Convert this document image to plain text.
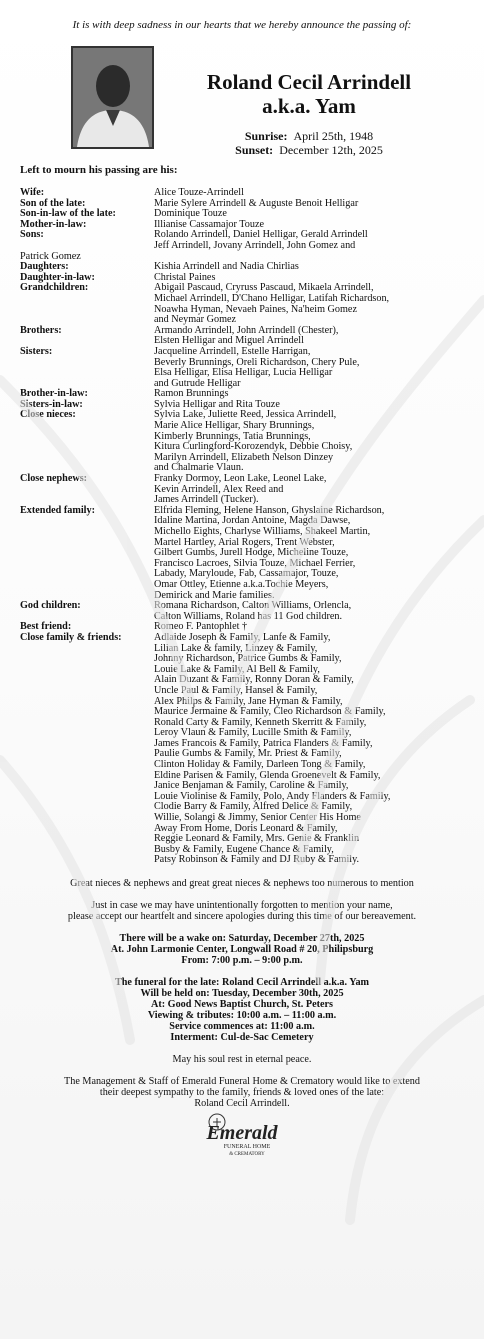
It is with deep sadness in our hearts that we hereby announce the passing of:
Roland Cecil Arrindell
a.k.a. Yam
Sunrise: April 25th, 1948
Sunset: December 12th, 2025
Left to mourn his passing are his:
Wife:	Alice Touze-Arrindell
Son of the late:	Marie Sylere Arrindell & Auguste Benoit Helligar
Son-in-law of the late:	Dominique Touze
Mother-in-law:	Illianise Cassamajor Touze
Sons:	Rolando Arrindell, Daniel Helligar, Gerald Arrindell
Jeff Arrindell, Jovany Arrindell, John Gomez and
Patrick Gomez
Daughters:	Kishia Arrindell and Nadia Chirlias
Daughter-in-law:	Christal Paines
Grandchildren:	Abigail Pascaud, Cryruss Pascaud, Mikaela Arrindell,
Michael Arrindell, D'Chano Helligar, Latifah Richardson,
Noawha Hyman, Nevaeh Paines, Na'heim Gomez
and Neymar Gomez
Brothers:	Armando Arrindell, John Arrindell (Chester),
Elsten Helligar and Miguel Arrindell
Sisters:	Jacqueline Arrindell, Estelle Harrigan,
Beverly Brunnings, Oreli Richardson, Chery Pule,
Elsa Helligar, Elisa Helligar, Lucia Helligar
and Gutrude Helligar
Brother-in-law:	Ramon Brunnings
Sisters-in-law:	Sylvia Helligar and Rita Touze
Close nieces:	Sylvia Lake, Juliette Reed, Jessica Arrindell,
Marie Alice Helligar, Shary Brunnings,
Kimberly Brunnings, Tatia Brunnings,
Kitura Curlingford-Korozendyk, Debbie Choisy,
Marilyn Arrindell, Elizabeth Nelson Dinzey
and Chalmarie Vlaun.
Close nephews:	Franky Dormoy, Leon Lake, Leonel Lake,
Kevin Arrindell, Alex Reed and
James Arrindell (Tucker).
Extended family:	Elfrida Fleming, Helene Hanson, Ghyslaine Richardson,
Idaline Martina, Jordan Antoine, Magda Dawse,
Michello Eights, Charlyse Williams, Shakeel Martin,
Martel Hartley, Arial Rogers, Trent Webster,
Gilbert Gumbs, Jurell Hodge, Micheline Touze,
Francisco Lacroes, Silvia Touze, Michael Ferrier,
Labady, Maryloude, Fab, Cassamajor, Touze,
Omar Ottley, Etienne a.k.a.Tochie Meyers,
Demirick and Marie families.
God children:	Romana Richardson, Calton Williams, Orlencla,
Calton Williams, Roland has 11 God children.
Best friend:	Romeo F. Pantophlet †
Close family & friends:	Adlaide Joseph & Family, Lanfe & Family,
Lilian Lake & family, Linzey & Family,
Johnny Richardson, Patrice Gumbs & Family,
Louie Lake & Family, Al Bell & Family,
Alain Duzant & Family, Ronny Doran & Family,
Uncle Paul & Family, Hansel & Family,
Alex Philps & Family, Jane Hyman & Family,
Maurice Jermaine & Family, Cleo Richardson & Family,
Ronald Carty & Family, Kenneth Skerritt & Family,
Leroy Vlaun & Family, Lucille Smith & Family,
James Francois & Family, Patrica Flanders & Family,
Paulie Gumbs & Family, Mr. Priest & Family,
Clinton Holiday & Family, Darleen Tong & Family,
Eldine Parisen & Family, Glenda Groenevelt & Family,
Janice Benjaman & Family, Caroline & Family,
Louie Violinise & Family, Polo, Andy Flanders & Family,
Clodie Barry & Family, Alfred Delice & Family,
Willie, Solangi & Jimmy, Senior Center His Home
Away From Home, Doris Leonard & Family,
Reggie Leonard & Family, Mrs. Genie & Franklin
Busby & Family, Eugene Chance & Family,
Patsy Robinson & Family and DJ Ruby & Family.
Great nieces & nephews and great great nieces & nephews too numerous to mention
Just in case we may have unintentionally forgotten to mention your name,
please accept our heartfelt and sincere apologies during this time of our bereavement.
There will be a wake on: Saturday, December 27th, 2025
At. John Larmonie Center, Longwall Road # 20, Philipsburg
From: 7:00 p.m. – 9:00 p.m.
The funeral for the late: Roland Cecil Arrindell a.k.a. Yam
Will be held on: Tuesday, December 30th, 2025
At: Good News Baptist Church, St. Peters
Viewing & tributes: 10:00 a.m. – 11:00 a.m.
Service commences at: 11:00 a.m.
Interment: Cul-de-Sac Cemetery
May his soul rest in eternal peace.
The Management & Staff of Emerald Funeral Home & Crematory would like to extend
their deepest sympathy to the family, friends & loved ones of the late:
Roland Cecil Arrindell.
Emerald
FUNERAL HOME
& CREMATORY
